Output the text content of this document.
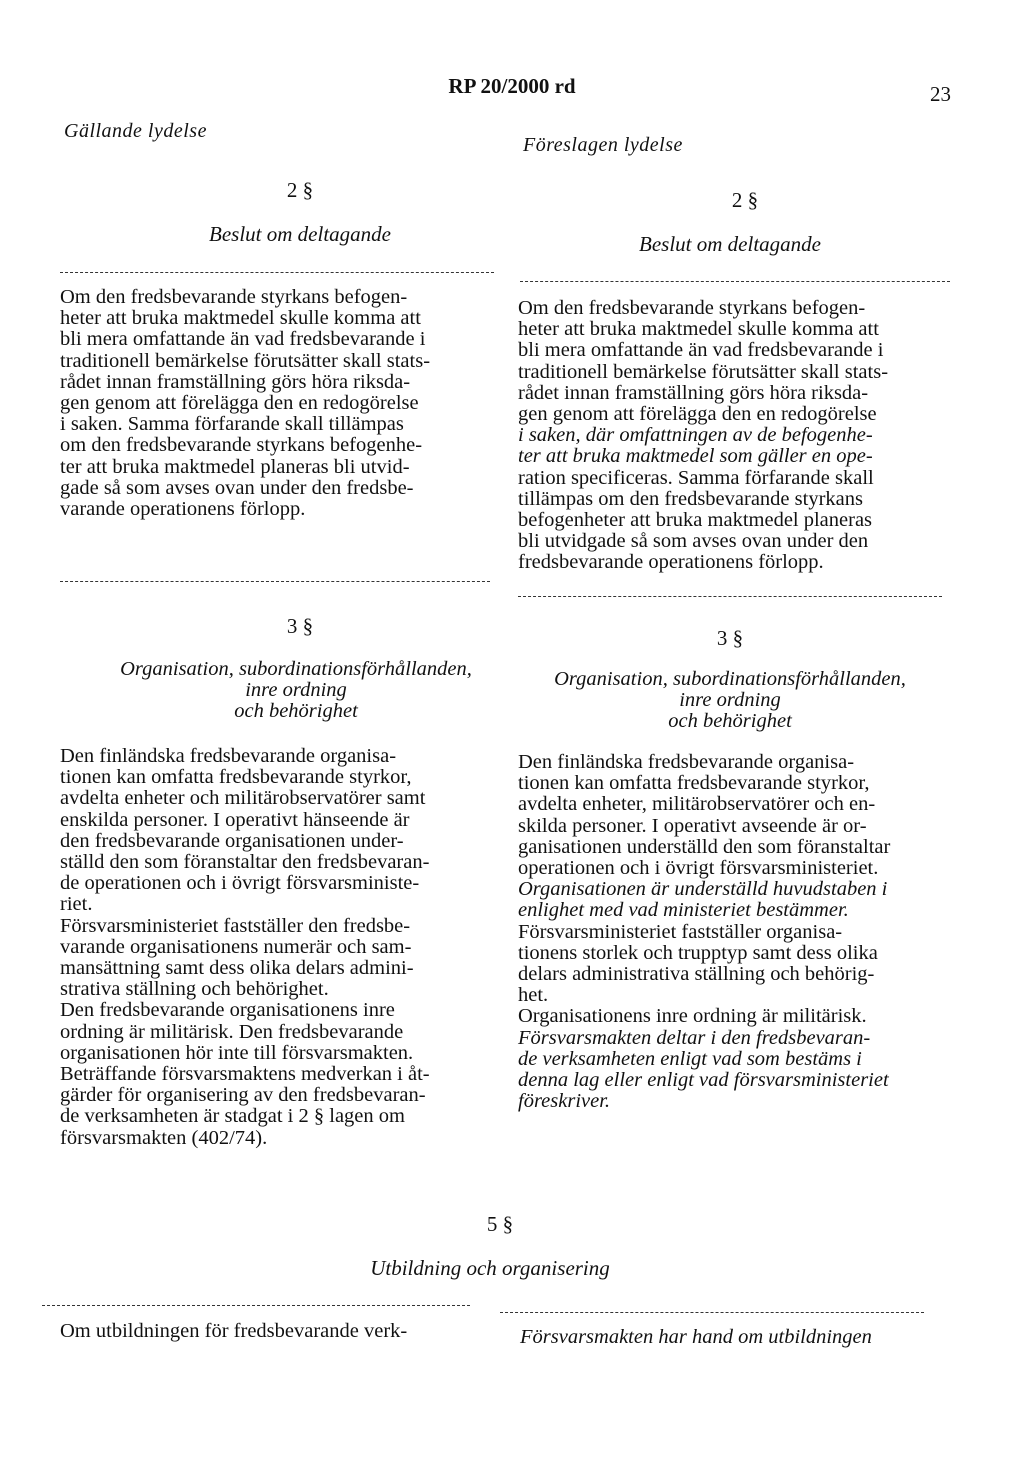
RP 20/2000 rd	23
Gällande lydelse
Föreslagen lydelse
2 §
Beslut om deltagande
Om den fredsbevarande styrkans befogen-
heter att bruka maktmedel skulle komma att
bli mera omfattande än vad fredsbevarande i
traditionell bemärkelse förutsätter skall stats-
rådet innan framställning görs höra riksda-
gen genom att förelägga den en redogörelse
i saken. Samma förfarande skall tillämpas
om den fredsbevarande styrkans befogenhe-
ter att bruka maktmedel planeras bli utvid-
gade så som avses ovan under den fredsbe-
varande operationens förlopp.
3 §
Organisation, subordinationsförhållanden,
inre ordning
och behörighet
Den finländska fredsbevarande organisa-
tionen kan omfatta fredsbevarande styrkor,
avdelta enheter och militärobservatörer samt
enskilda personer. I operativt hänseende är
den fredsbevarande organisationen under-
ställd den som föranstaltar den fredsbevaran-
de operationen och i övrigt försvarsministe-
riet.
Försvarsministeriet fastställer den fredsbe-
varande organisationens numerär och sam-
mansättning samt dess olika delars admini-
strativa ställning och behörighet.
Den fredsbevarande organisationens inre
ordning är militärisk. Den fredsbevarande
organisationen hör inte till försvarsmakten.
Beträffande försvarsmaktens medverkan i åt-
gärder för organisering av den fredsbevaran-
de verksamheten är stadgat i 2 § lagen om
försvarsmakten (402/74).
2 §
Beslut om deltagande
Om den fredsbevarande styrkans befogen-
heter att bruka maktmedel skulle komma att
bli mera omfattande än vad fredsbevarande i
traditionell bemärkelse förutsätter skall stats-
rådet innan framställning görs höra riksda-
gen genom att förelägga den en redogörelse
i saken, där omfattningen av de befogenhe-
ter att bruka maktmedel som gäller en ope-
ration specificeras. Samma förfarande skall
tillämpas om den fredsbevarande styrkans
befogenheter att bruka maktmedel planeras
bli utvidgade så som avses ovan under den
fredsbevarande operationens förlopp.
3 §
Organisation, subordinationsförhållanden,
inre ordning
och behörighet
Den finländska fredsbevarande organisa-
tionen kan omfatta fredsbevarande styrkor,
avdelta enheter, militärobservatörer och en-
skilda personer. I operativt avseende är or-
ganisationen underställd den som föranstaltar
operationen och i övrigt försvarsministeriet.
Organisationen är underställd huvudstaben i
enlighet med vad ministeriet bestämmer.
Försvarsministeriet fastställer organisa-
tionens storlek och trupptyp samt dess olika
delars administrativa ställning och behörig-
het.
Organisationens inre ordning är militärisk.
Försvarsmakten deltar i den fredsbevaran-
de verksamheten enligt vad som bestäms i
denna lag eller enligt vad försvarsministeriet
föreskriver.
5 §
Utbildning och organisering
Om utbildningen för fredsbevarande verk-	Försvarsmakten har hand om utbildningen
